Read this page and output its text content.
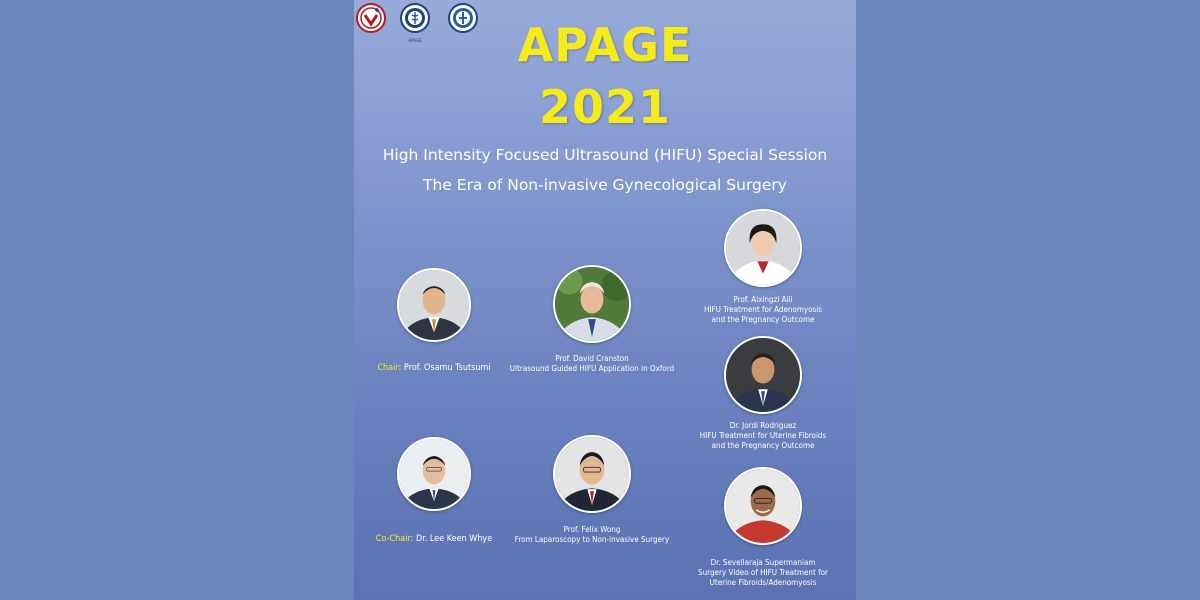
APAGE	APAGE
2021
High Intensity Focused Ultrasound (HIFU) Special Session
The Era of Non-invasive Gynecological Surgery
Chair: Prof. Osamu Tsutsumi
Co-Chair: Dr. Lee Keen Whye
Prof. David Cranston
Ultrasound Guided HIFU Application in Oxford
Prof. Felix Wong
From Laparoscopy to Non-invasive Surgery
Prof. Aixingzi Aili
HIFU Treatment for Adenomyosis
and the Pregnancy Outcome
Dr. Jordi Rodriguez
HIFU Treatment for Uterine Fibroids
and the Pregnancy Outcome
Dr. Sevellaraja Supermaniam
Surgery Video of HIFU Treatment for
Uterine Fibroids/Adenomyosis
